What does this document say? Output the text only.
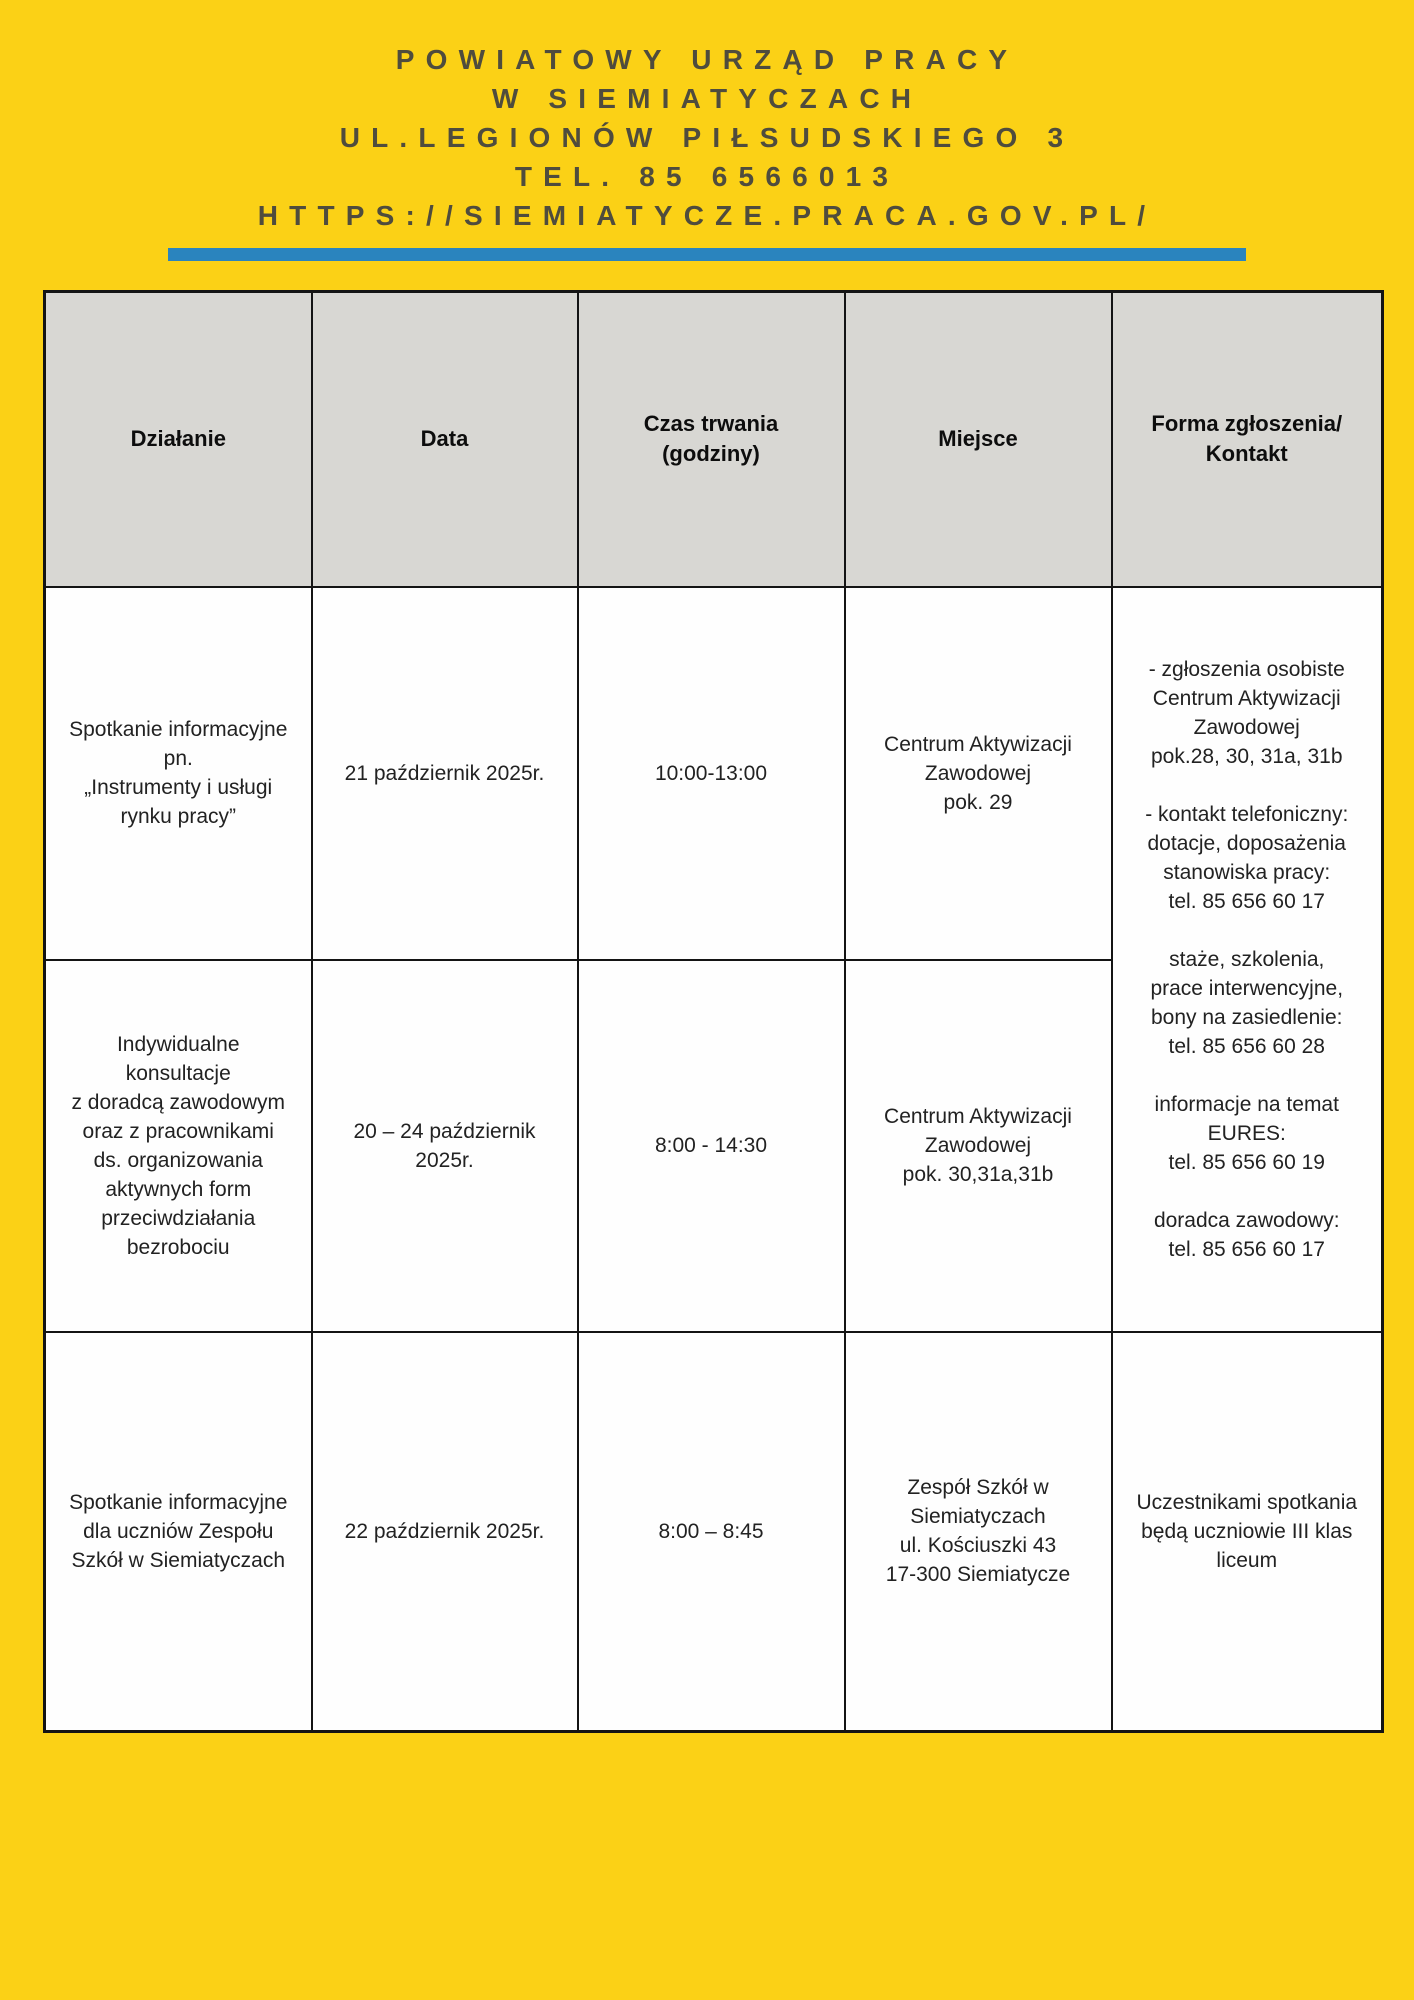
POWIATOWY URZĄD PRACY
W SIEMIATYCZACH
UL.LEGIONÓW PIŁSUDSKIEGO 3
TEL. 85 6566013
HTTPS://SIEMIATYCZE.PRACA.GOV.PL/
Działanie	Data	Czas trwania
(godziny)	Miejsce	Forma zgłoszenia/
Kontakt
Spotkanie informacyjne
pn.
„Instrumenty i usługi
rynku pracy”	21 październik 2025r.	10:00-13:00	Centrum Aktywizacji
Zawodowej
pok. 29	- zgłoszenia osobiste
Centrum Aktywizacji
Zawodowej
pok.28, 30, 31a, 31b

- kontakt telefoniczny:
dotacje, doposażenia
stanowiska pracy:
tel. 85 656 60 17

staże, szkolenia,
prace interwencyjne,
bony na zasiedlenie:
tel. 85 656 60 28

informacje na temat
EURES:
tel. 85 656 60 19

doradca zawodowy:
tel. 85 656 60 17
Indywidualne
konsultacje
z doradcą zawodowym
oraz z pracownikami
ds. organizowania
aktywnych form
przeciwdziałania
bezrobociu	20 – 24 październik
2025r.	8:00 - 14:30	Centrum Aktywizacji
Zawodowej
pok. 30,31a,31b
Spotkanie informacyjne
dla uczniów Zespołu
Szkół w Siemiatyczach	22 październik 2025r.	8:00 – 8:45	Zespół Szkół w
Siemiatyczach
ul. Kościuszki 43
17-300 Siemiatycze	Uczestnikami spotkania
będą uczniowie III klas
liceum
